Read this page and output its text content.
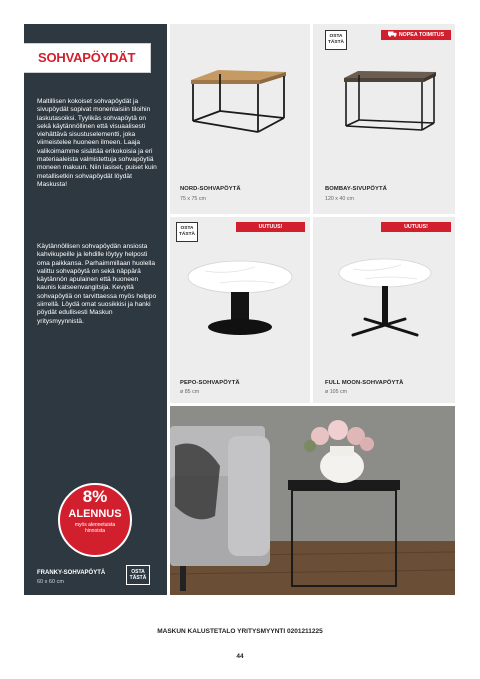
SOHVAPÖYDÄT

Maltillisen kokoiset sohvapöydät ja sivupöydät sopivat monenlaisiin tiloihin laskutasoiksi. Tyylikäs sohvapöytä on sekä käytännöllinen että visuaalisesti viehättävä sisustuselementti, joka viimeistelee huoneen ilmeen. Laaja valikoimamme sisältää erikokoisia ja eri materiaaleista valmistettuja sohvapöytiä moneen makuun. Niin lasiset, puiset kuin metallisetkin sohvapöydät löydät Maskusta!

Käytännöllisen sohvapöydän ansiosta kahvikupeille ja lehdille löytyy helposti oma paikkansa. Parhaimmillaan huolella valittu sohvapöytä on sekä näppärä käytännön apulainen että huoneen kaunis katseenvangitsija. Kevyitä sohvapöytiä on tarvittaessa myös helppo siirrellä. Löydä omat suosikkisi ja hanki pöydät edullisesti Maskun yritysmyynnistä.

8%
ALENNUS
myös alennetuista
hinnoista
FRANKY-SOHVAPÖYTÄ
60 x 60 cm
OSTA
TÄSTÄ
NORD-SOHVAPÖYTÄ
75 x 75 cm
OSTA
TÄSTÄ
NOPEA TOIMITUS
BOMBAY-SIVUPÖYTÄ
120 x 40 cm
OSTA
TÄSTÄ
UUTUUS!
PEPO-SOHVAPÖYTÄ
ø 85 cm
UUTUUS!
FULL MOON-SOHVAPÖYTÄ
ø 105 cm
MASKUN KALUSTETALO YRITYSMYYNTI 0201211225
44
